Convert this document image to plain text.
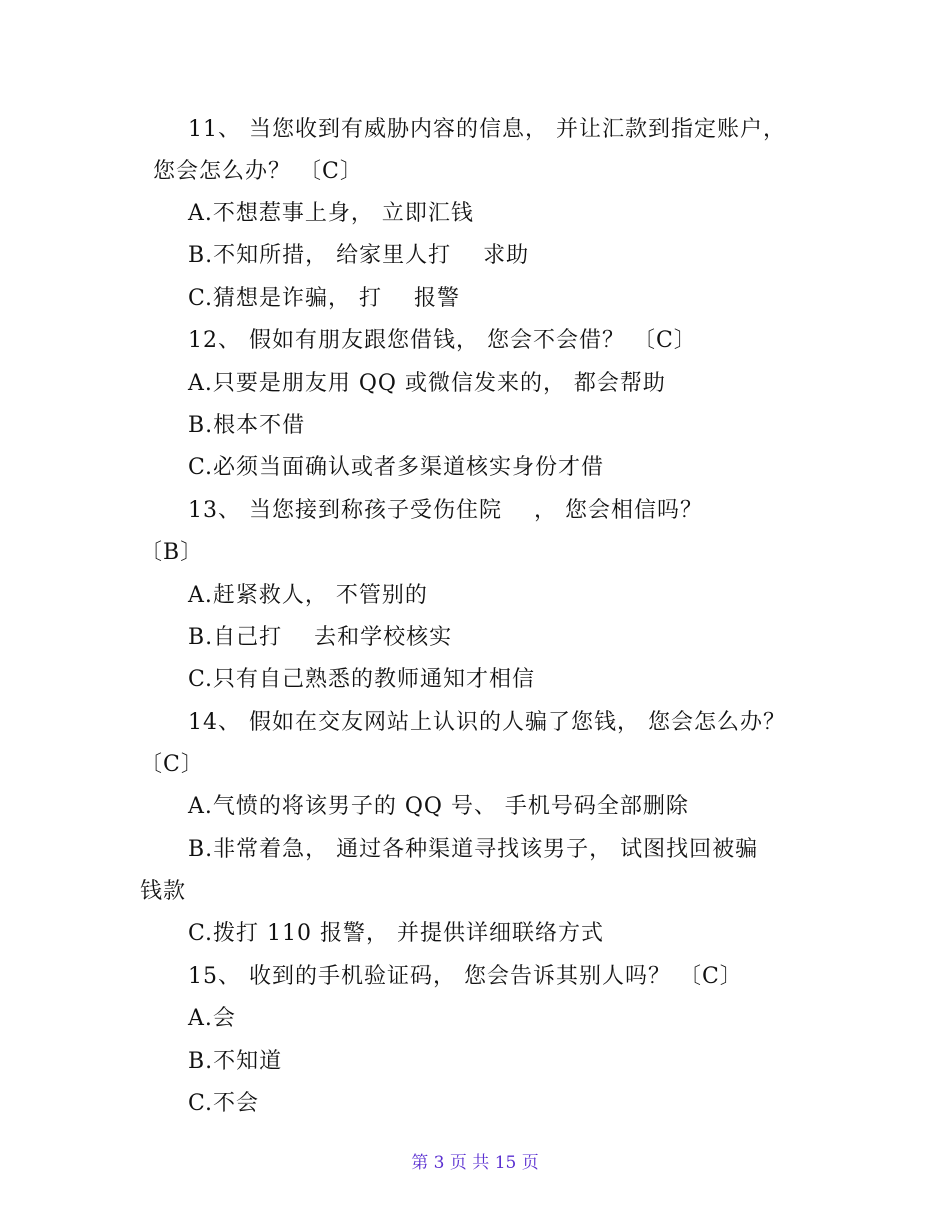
11、 当您收到有威胁内容的信息， 并让汇款到指定账户，
您会怎么办？ 〔C〕
A.不想惹事上身， 立即汇钱
B.不知所措， 给家里人打    求助
C.猜想是诈骗， 打    报警
12、 假如有朋友跟您借钱， 您会不会借？ 〔C〕
A.只要是朋友用 QQ 或微信发来的， 都会帮助
B.根本不借
C.必须当面确认或者多渠道核实身份才借
13、 当您接到称孩子受伤住院    ， 您会相信吗？
〔B〕
A.赶紧救人， 不管别的
B.自己打    去和学校核实
C.只有自己熟悉的教师通知才相信
14、 假如在交友网站上认识的人骗了您钱， 您会怎么办？
〔C〕
A.气愤的将该男子的 QQ 号、 手机号码全部删除
B.非常着急， 通过各种渠道寻找该男子， 试图找回被骗
钱款
C.拨打 110 报警， 并提供详细联络方式
15、 收到的手机验证码， 您会告诉其别人吗？ 〔C〕
A.会
B.不知道
C.不会
第 3 页 共 15 页
